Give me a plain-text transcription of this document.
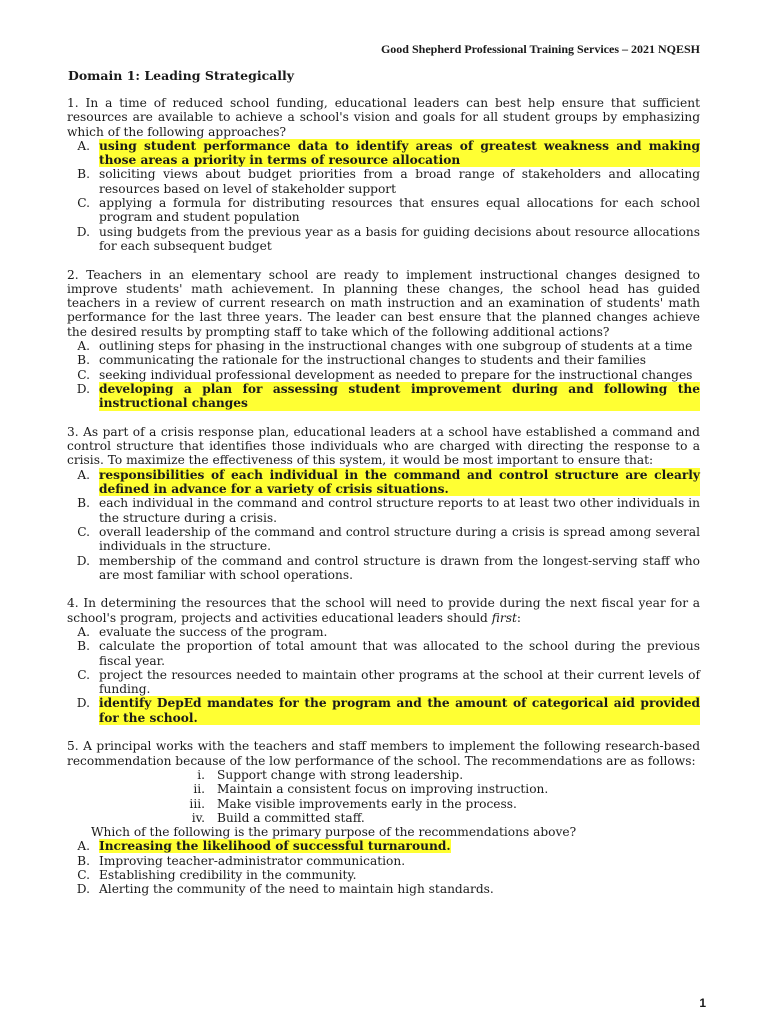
Good Shepherd Professional Training Services – 2021 NQESH
Domain 1: Leading Strategically
1. In a time of reduced school funding, educational leaders can best help ensure that sufficient resources are available to achieve a school's vision and goals for all student groups by emphasizing which of the following approaches?
A. using student performance data to identify areas of greatest weakness and making those areas a priority in terms of resource allocation
B. soliciting views about budget priorities from a broad range of stakeholders and allocating resources based on level of stakeholder support
C. applying a formula for distributing resources that ensures equal allocations for each school program and student population
D. using budgets from the previous year as a basis for guiding decisions about resource allocations for each subsequent budget
2. Teachers in an elementary school are ready to implement instructional changes designed to improve students' math achievement. In planning these changes, the school head has guided teachers in a review of current research on math instruction and an examination of students' math performance for the last three years. The leader can best ensure that the planned changes achieve the desired results by prompting staff to take which of the following additional actions?
A. outlining steps for phasing in the instructional changes with one subgroup of students at a time
B. communicating the rationale for the instructional changes to students and their families
C. seeking individual professional development as needed to prepare for the instructional changes
D. developing a plan for assessing student improvement during and following the instructional changes
3. As part of a crisis response plan, educational leaders at a school have established a command and control structure that identifies those individuals who are charged with directing the response to a crisis. To maximize the effectiveness of this system, it would be most important to ensure that:
A. responsibilities of each individual in the command and control structure are clearly defined in advance for a variety of crisis situations.
B. each individual in the command and control structure reports to at least two other individuals in the structure during a crisis.
C. overall leadership of the command and control structure during a crisis is spread among several individuals in the structure.
D. membership of the command and control structure is drawn from the longest-serving staff who are most familiar with school operations.
4. In determining the resources that the school will need to provide during the next fiscal year for a school's program, projects and activities educational leaders should first:
A. evaluate the success of the program.
B. calculate the proportion of total amount that was allocated to the school during the previous fiscal year.
C. project the resources needed to maintain other programs at the school at their current levels of funding.
D. identify DepEd mandates for the program and the amount of categorical aid provided for the school.
5. A principal works with the teachers and staff members to implement the following research-based recommendation because of the low performance of the school. The recommendations are as follows:
i. Support change with strong leadership.
ii. Maintain a consistent focus on improving instruction.
iii. Make visible improvements early in the process.
iv. Build a committed staff.
Which of the following is the primary purpose of the recommendations above?
A. Increasing the likelihood of successful turnaround.
B. Improving teacher-administrator communication.
C. Establishing credibility in the community.
D. Alerting the community of the need to maintain high standards.
1
